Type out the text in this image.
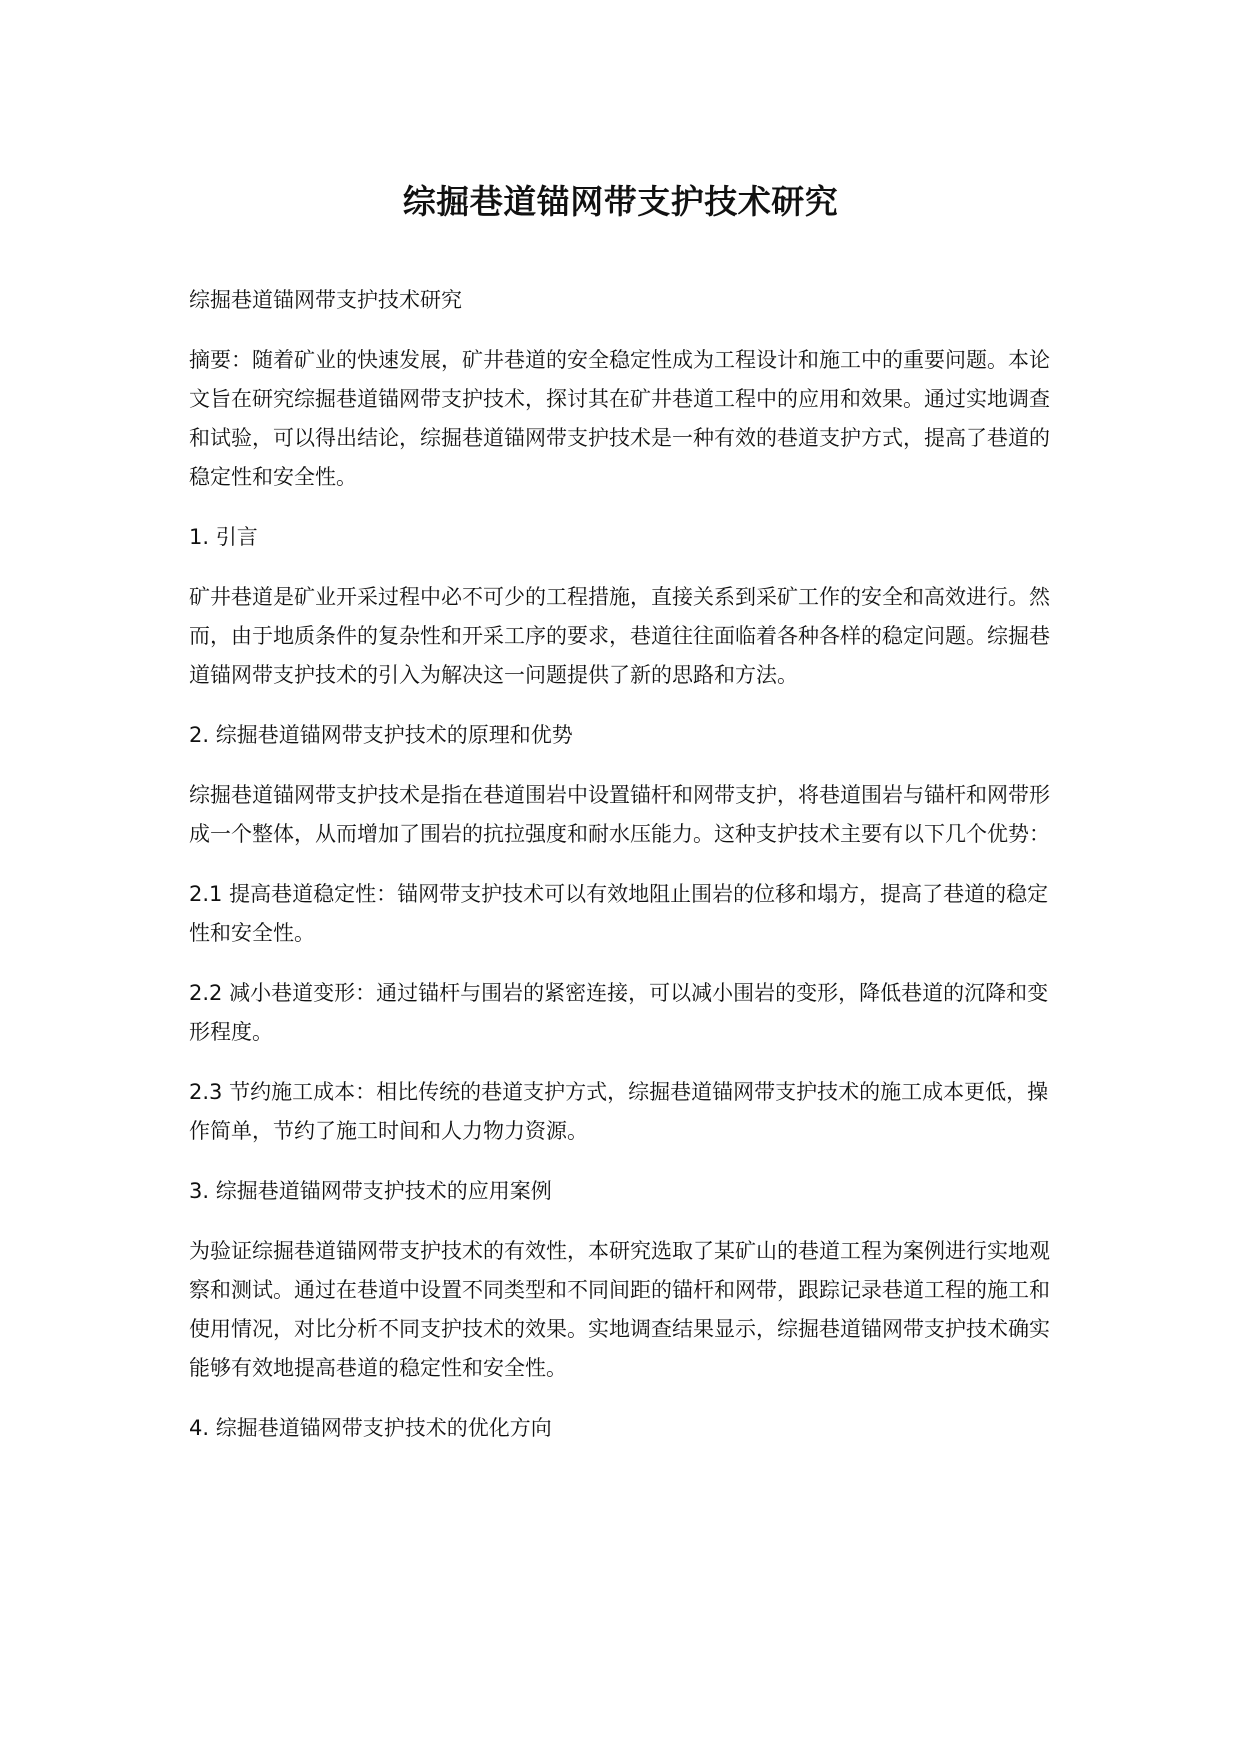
综掘巷道锚网带支护技术研究

综掘巷道锚网带支护技术研究

摘要：随着矿业的快速发展，矿井巷道的安全稳定性成为工程设计和施工中的重要问题。本论文旨在研究综掘巷道锚网带支护技术，探讨其在矿井巷道工程中的应用和效果。通过实地调查和试验，可以得出结论，综掘巷道锚网带支护技术是一种有效的巷道支护方式，提高了巷道的稳定性和安全性。

1. 引言

矿井巷道是矿业开采过程中必不可少的工程措施，直接关系到采矿工作的安全和高效进行。然而，由于地质条件的复杂性和开采工序的要求，巷道往往面临着各种各样的稳定问题。综掘巷道锚网带支护技术的引入为解决这一问题提供了新的思路和方法。

2. 综掘巷道锚网带支护技术的原理和优势

综掘巷道锚网带支护技术是指在巷道围岩中设置锚杆和网带支护，将巷道围岩与锚杆和网带形成一个整体，从而增加了围岩的抗拉强度和耐水压能力。这种支护技术主要有以下几个优势：

2.1 提高巷道稳定性：锚网带支护技术可以有效地阻止围岩的位移和塌方，提高了巷道的稳定性和安全性。

2.2 减小巷道变形：通过锚杆与围岩的紧密连接，可以减小围岩的变形，降低巷道的沉降和变形程度。

2.3 节约施工成本：相比传统的巷道支护方式，综掘巷道锚网带支护技术的施工成本更低，操作简单，节约了施工时间和人力物力资源。

3. 综掘巷道锚网带支护技术的应用案例

为验证综掘巷道锚网带支护技术的有效性，本研究选取了某矿山的巷道工程为案例进行实地观察和测试。通过在巷道中设置不同类型和不同间距的锚杆和网带，跟踪记录巷道工程的施工和使用情况，对比分析不同支护技术的效果。实地调查结果显示，综掘巷道锚网带支护技术确实能够有效地提高巷道的稳定性和安全性。

4. 综掘巷道锚网带支护技术的优化方向
